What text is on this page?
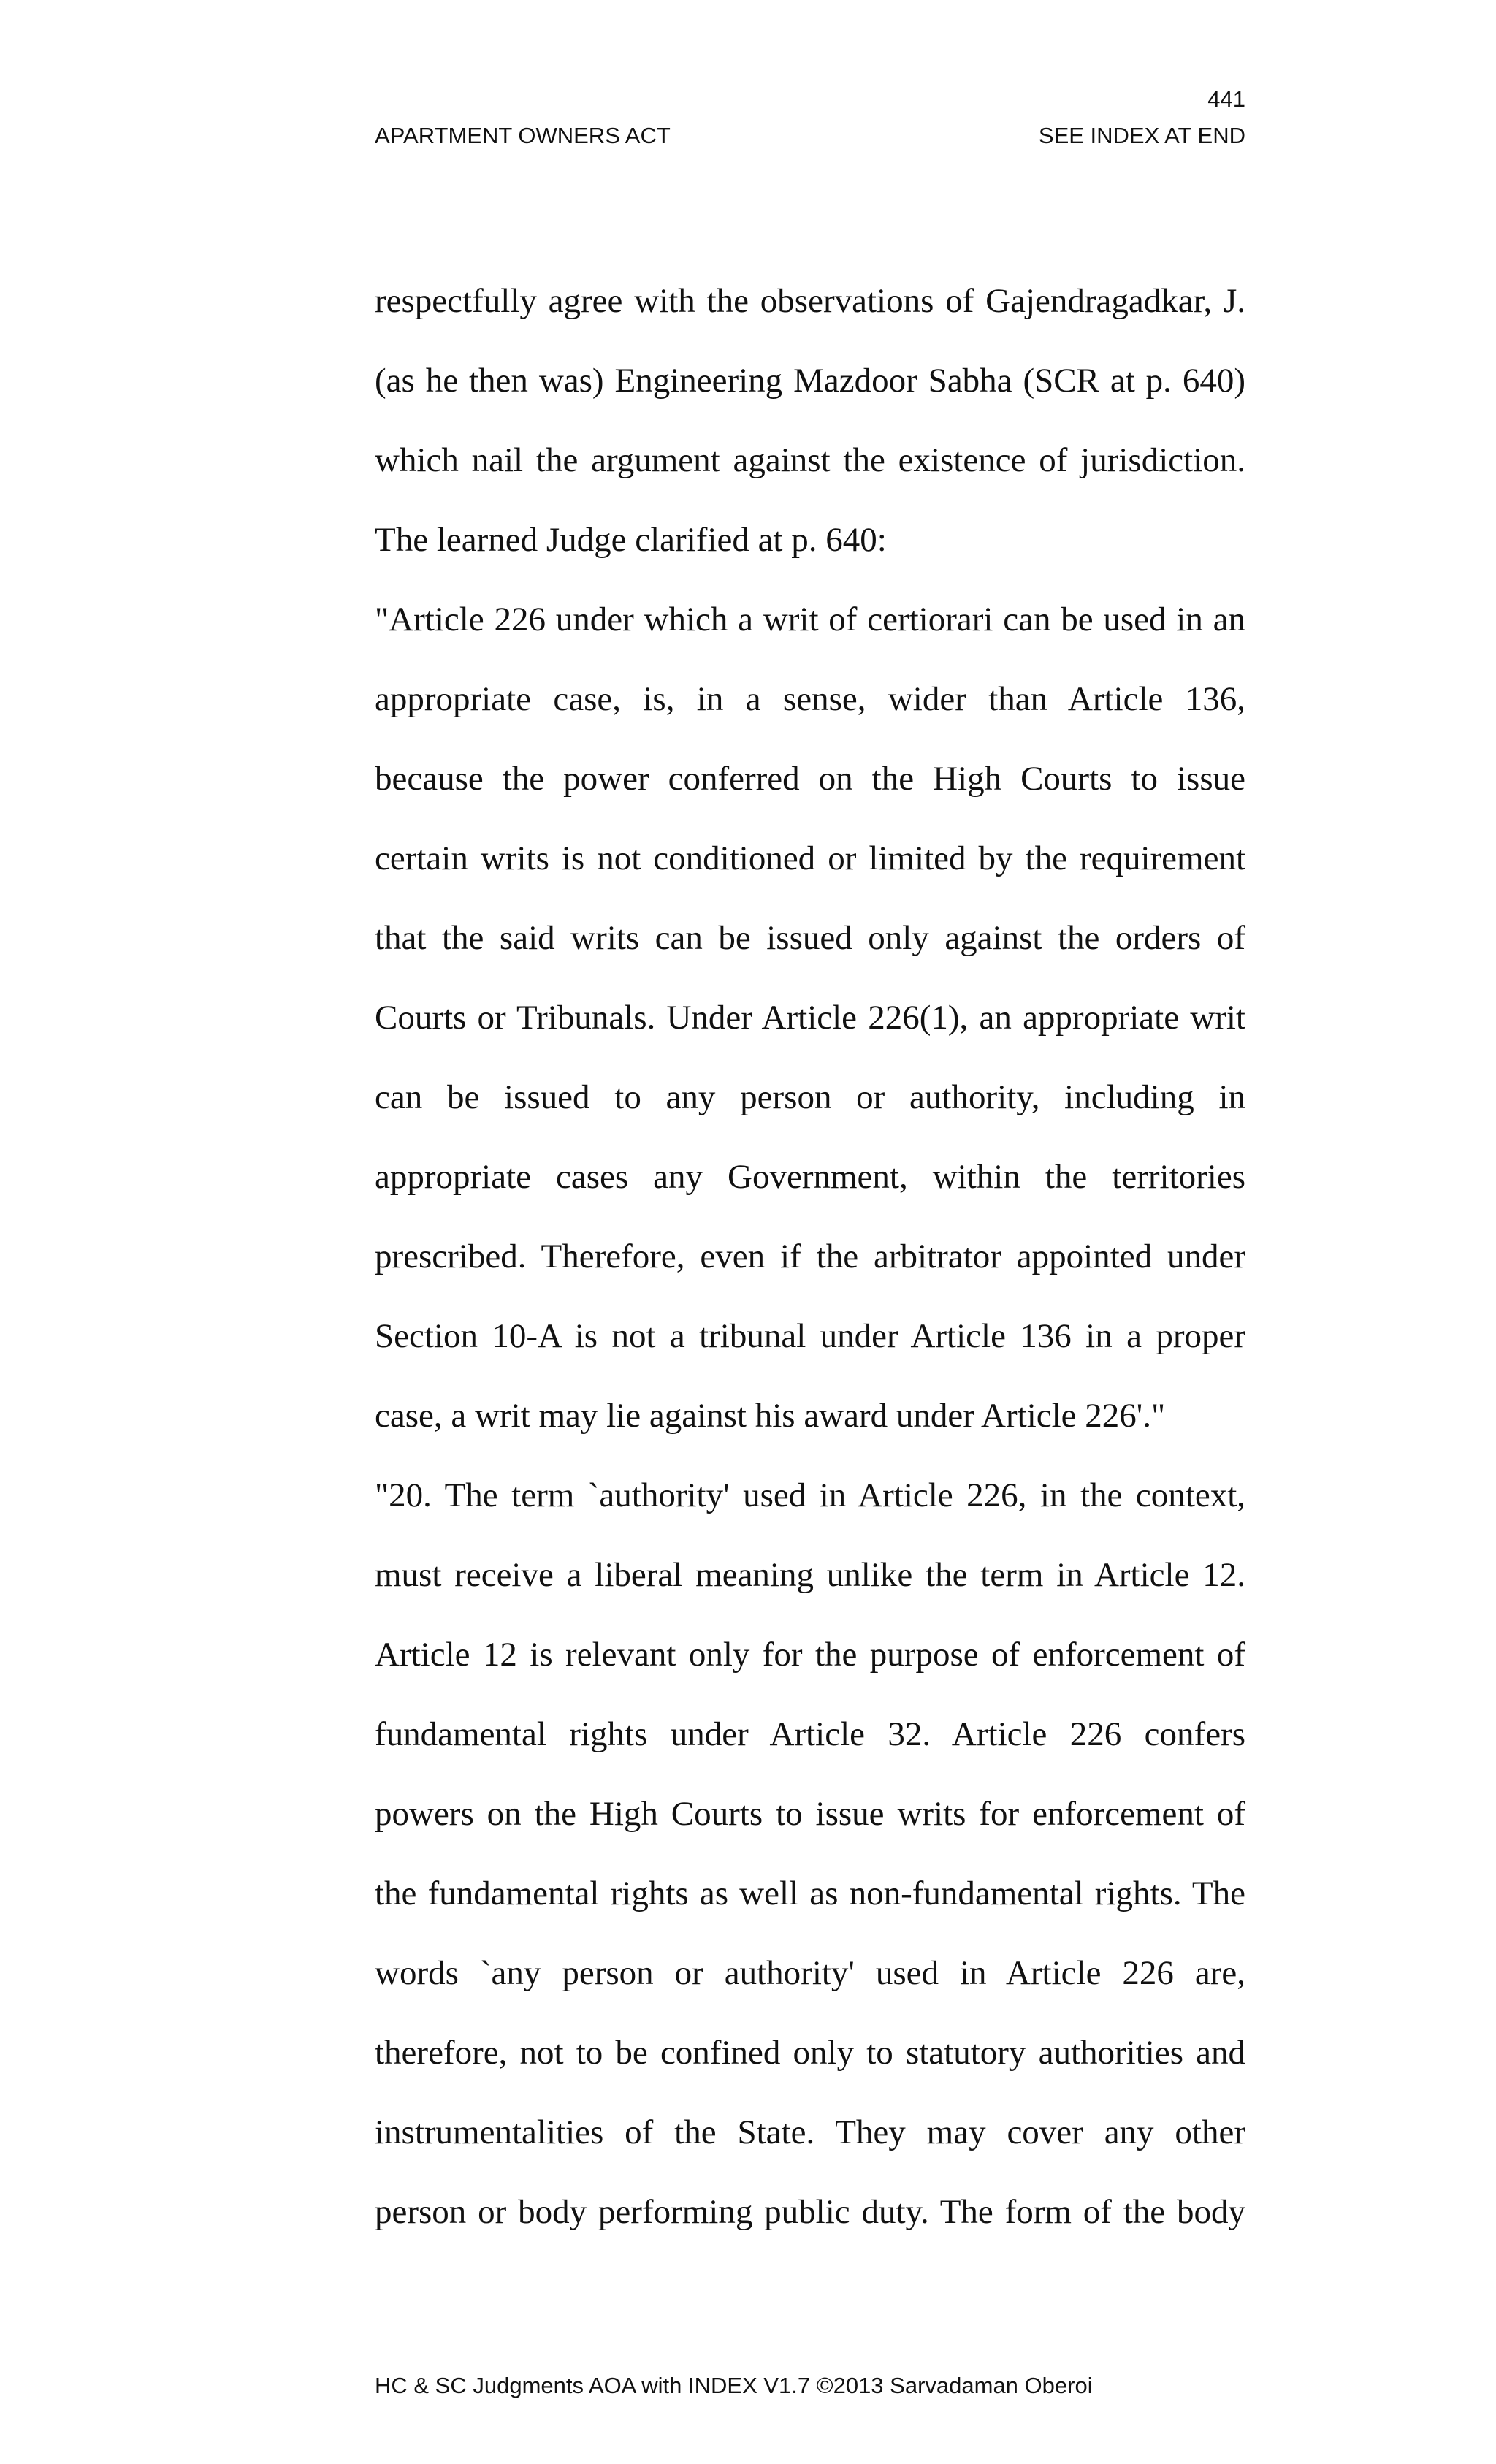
441
APARTMENT OWNERS ACT	SEE INDEX AT END
respectfully agree with the observations of Gajendragadkar, J.
(as he then was) Engineering Mazdoor Sabha (SCR at p. 640)
which nail the argument against the existence of jurisdiction.
The learned Judge clarified at p. 640:
"Article 226 under which a writ of certiorari can be used in an
appropriate case, is, in a sense, wider than Article 136,
because the power conferred on the High Courts to issue
certain writs is not conditioned or limited by the requirement
that the said writs can be issued only against the orders of
Courts or Tribunals. Under Article 226(1), an appropriate writ
can be issued to any person or authority, including in
appropriate cases any Government, within the territories
prescribed. Therefore, even if the arbitrator appointed under
Section 10-A is not a tribunal under Article 136 in a proper
case, a writ may lie against his award under Article 226'."
"20. The term `authority' used in Article 226, in the context,
must receive a liberal meaning unlike the term in Article 12.
Article 12 is relevant only for the purpose of enforcement of
fundamental rights under Article 32. Article 226 confers
powers on the High Courts to issue writs for enforcement of
the fundamental rights as well as non-fundamental rights. The
words `any person or authority' used in Article 226 are,
therefore, not to be confined only to statutory authorities and
instrumentalities of the State. They may cover any other
person or body performing public duty. The form of the body
HC & SC Judgments AOA with INDEX V1.7 ©2013 Sarvadaman Oberoi
